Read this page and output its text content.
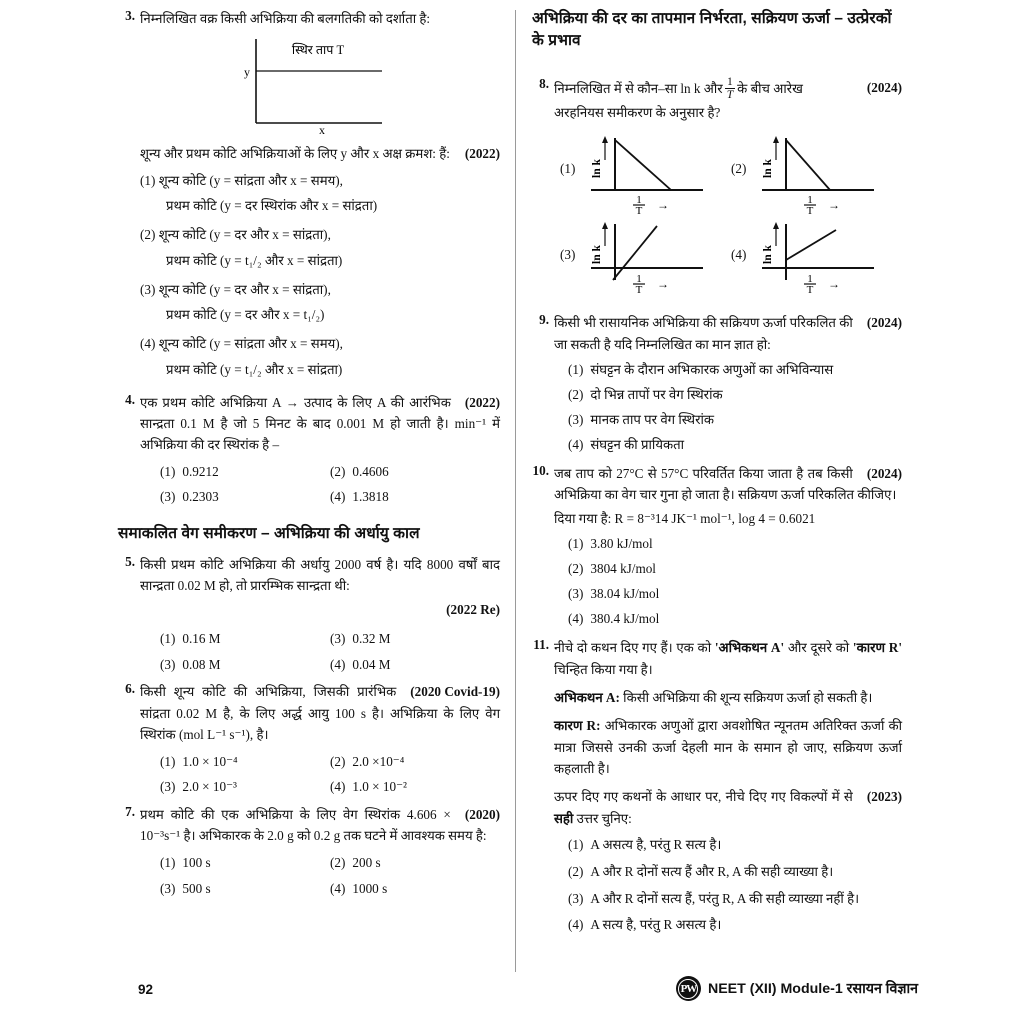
3. निम्नलिखित वक्र किसी अभिक्रिया की बलगतिकी को दर्शाता है:

y
x
स्थिर ताप T

शून्य और प्रथम कोटि अभिक्रियाओं के लिए y और x अक्ष क्रमश: हैं: (2022)

(1)
शून्य कोटि (y = सांद्रता और x = समय),
प्रथम कोटि (y = दर स्थिरांक और x = सांद्रता)
(2)
शून्य कोटि (y = दर और x = सांद्रता),
प्रथम कोटि (y = t₁/₂ और x = सांद्रता)
(3)
शून्य कोटि (y = दर और x = सांद्रता),
प्रथम कोटि (y = दर और x = t₁/₂)
(4)
शून्य कोटि (y = सांद्रता और x = समय),
प्रथम कोटि (y = t₁/₂ और x = सांद्रता)
4.	(2022)
एक प्रथम कोटि अभिक्रिया A → उत्पाद के लिए A की आरंभिक सान्द्रता 0.1 M है जो 5 मिनट के बाद 0.001 M हो जाती है। min⁻¹ में अभिक्रिया की दर स्थिरांक है –

(1) 0.9212	(2) 0.4606
(3) 0.2303	(4) 1.3818
समाकलित वेग समीकरण – अभिक्रिया की अर्धायु काल
5. किसी प्रथम कोटि अभिक्रिया की अर्धायु 2000 वर्ष है। यदि 8000 वर्षों बाद सान्द्रता 0.02 M हो, तो प्रारम्भिक सान्द्रता थी:

(2022 Re)
(1) 0.16 M	(3) 0.32 M
(3) 0.08 M	(4) 0.04 M
6.	(2020 Covid-19)
किसी शून्य कोटि की अभिक्रिया, जिसकी प्रारंभिक सांद्रता 0.02 M है, के लिए अर्द्ध आयु 100 s है। अभिक्रिया के लिए वेग स्थिरांक (mol L⁻¹ s⁻¹), है।

(1) 1.0 × 10⁻⁴	(2) 2.0 ×10⁻⁴
(3) 2.0 × 10⁻³	(4) 1.0 × 10⁻²
7.	(2020)
प्रथम कोटि की एक अभिक्रिया के लिए वेग स्थिरांक 4.606 × 10⁻³s⁻¹ है। अभिकारक के 2.0 g को 0.2 g तक घटने में आवश्यक समय है:

(1) 100 s	(2) 200 s
(3) 500 s	(4) 1000 s
अभिक्रिया की दर का तापमान निर्भरता, सक्रियण ऊर्जा – उत्प्रेरकों के प्रभाव
8.	(2024)
निम्नलिखित में से कौन–सा ln k और $\frac{1}{T}$ के बीच आरेख अरहनियस समीकरण के अनुसार है?

(1)	ln k
1
T →
(2)	ln k
1
T →
(3)	ln k
1
T →
(4)	ln k
1
T →
9.	(2024)
किसी भी रासायनिक अभिक्रिया की सक्रियण ऊर्जा परिकलित की जा सकती है यदि निम्नलिखित का मान ज्ञात हो:

(1) संघट्टन के दौरान अभिकारक अणुओं का अभिविन्यास
(2) दो भिन्न तापों पर वेग स्थिरांक
(3) मानक ताप पर वेग स्थिरांक
(4) संघट्टन की प्रायिकता
10.	(2024)
जब ताप को 27°C से 57°C परिवर्तित किया जाता है तब किसी अभिक्रिया का वेग चार गुना हो जाता है। सक्रियण ऊर्जा परिकलित कीजिए।

दिया गया है: R = 8⁻³14 JK⁻¹ mol⁻¹, log 4 = 0.6021

(1) 3.80 kJ/mol
(2) 3804 kJ/mol
(3) 38.04 kJ/mol
(4) 380.4 kJ/mol
11. नीचे दो कथन दिए गए हैं। एक को 'अभिकथन A' और दूसरे को 'कारण R' चिन्हित किया गया है।

अभिकथन A: किसी अभिक्रिया की शून्य सक्रियण ऊर्जा हो सकती है।

कारण R: अभिकारक अणुओं द्वारा अवशोषित न्यूनतम अतिरिक्त ऊर्जा की मात्रा जिससे उनकी ऊर्जा देहली मान के समान हो जाए, सक्रियण ऊर्जा कहलाती है।

(2023)
ऊपर दिए गए कथनों के आधार पर, नीचे दिए गए विकल्पों में से सही उत्तर चुनिए:

(1) A असत्य है, परंतु R सत्य है।
(2) A और R दोनों सत्य हैं और R, A की सही व्याख्या है।
(3) A और R दोनों सत्य हैं, परंतु R, A की सही व्याख्या नहीं है।
(4) A सत्य है, परंतु R असत्य है।
92	PW NEET (XII) Module-1 रसायन विज्ञान
